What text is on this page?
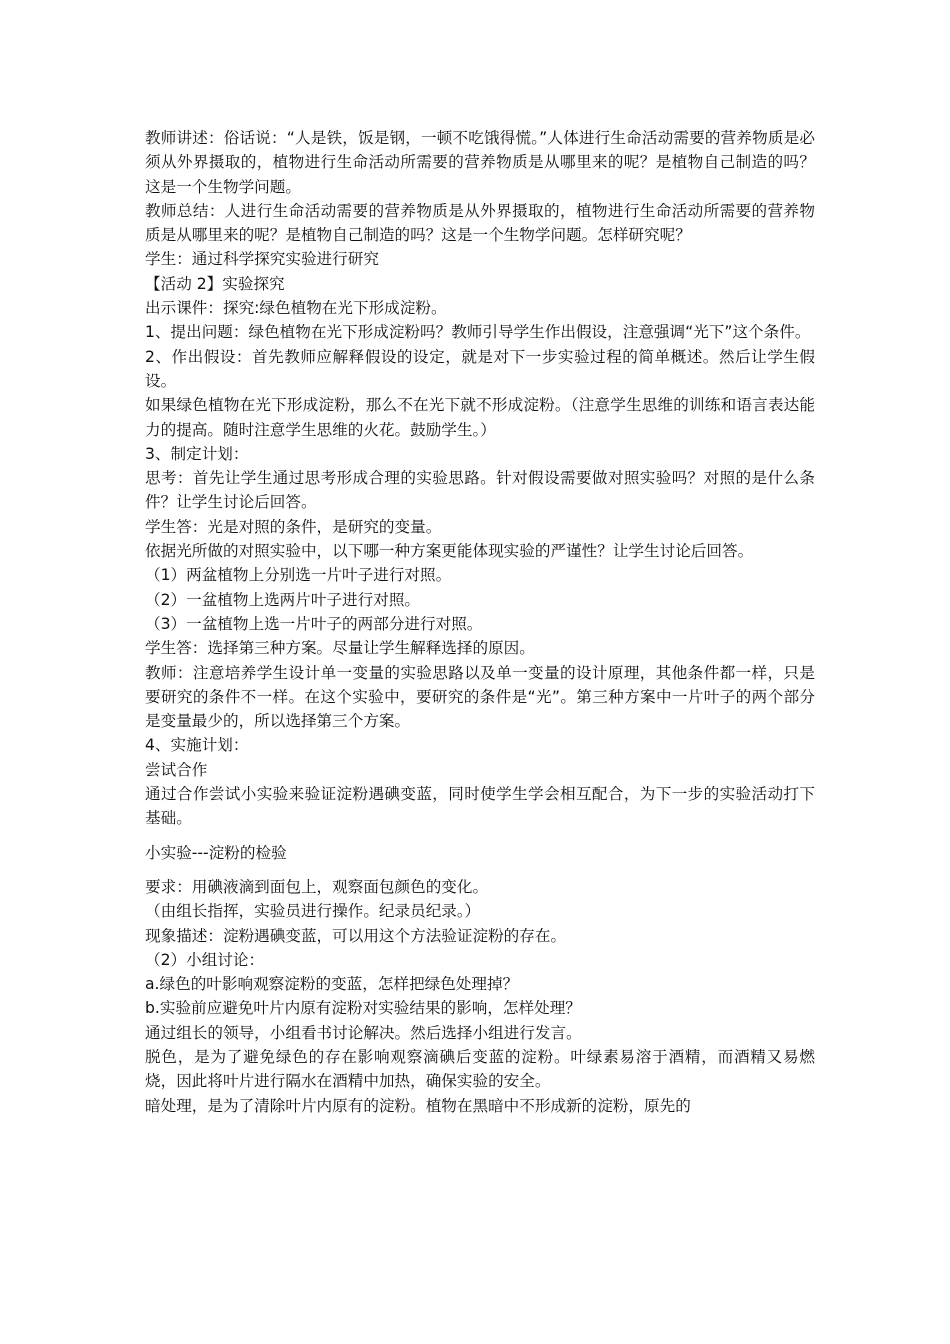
教师讲述：俗话说：“人是铁，饭是钢，一顿不吃饿得慌。”人体进行生命活动需要的营养物质是必须从外界摄取的，植物进行生命活动所需要的营养物质是从哪里来的呢？是植物自己制造的吗？这是一个生物学问题。

教师总结：人进行生命活动需要的营养物质是从外界摄取的，植物进行生命活动所需要的营养物质是从哪里来的呢？是植物自己制造的吗？这是一个生物学问题。怎样研究呢？

学生：通过科学探究实验进行研究

【活动 2】实验探究

出示课件：探究:绿色植物在光下形成淀粉。

1、提出问题：绿色植物在光下形成淀粉吗？教师引导学生作出假设，注意强调“光下”这个条件。

2、作出假设：首先教师应解释假设的设定，就是对下一步实验过程的简单概述。然后让学生假设。

如果绿色植物在光下形成淀粉，那么不在光下就不形成淀粉。（注意学生思维的训练和语言表达能力的提高。随时注意学生思维的火花。鼓励学生。）

3、制定计划：

思考：首先让学生通过思考形成合理的实验思路。针对假设需要做对照实验吗？对照的是什么条件？让学生讨论后回答。

学生答：光是对照的条件，是研究的变量。

依据光所做的对照实验中，以下哪一种方案更能体现实验的严谨性？让学生讨论后回答。

（1）两盆植物上分别选一片叶子进行对照。

（2）一盆植物上选两片叶子进行对照。

（3）一盆植物上选一片叶子的两部分进行对照。

学生答：选择第三种方案。尽量让学生解释选择的原因。

教师：注意培养学生设计单一变量的实验思路以及单一变量的设计原理，其他条件都一样，只是要研究的条件不一样。在这个实验中，要研究的条件是“光”。第三种方案中一片叶子的两个部分是变量最少的，所以选择第三个方案。

4、实施计划：

尝试合作

通过合作尝试小实验来验证淀粉遇碘变蓝，同时使学生学会相互配合，为下一步的实验活动打下基础。

小实验---淀粉的检验

要求：用碘液滴到面包上，观察面包颜色的变化。

（由组长指挥，实验员进行操作。纪录员纪录。）

现象描述：淀粉遇碘变蓝，可以用这个方法验证淀粉的存在。

（2）小组讨论：

a.绿色的叶影响观察淀粉的变蓝，怎样把绿色处理掉？

b.实验前应避免叶片内原有淀粉对实验结果的影响，怎样处理？

通过组长的领导，小组看书讨论解决。然后选择小组进行发言。

脱色，是为了避免绿色的存在影响观察滴碘后变蓝的淀粉。叶绿素易溶于酒精，而酒精又易燃烧，因此将叶片进行隔水在酒精中加热，确保实验的安全。

暗处理，是为了清除叶片内原有的淀粉。植物在黑暗中不形成新的淀粉，原先的
